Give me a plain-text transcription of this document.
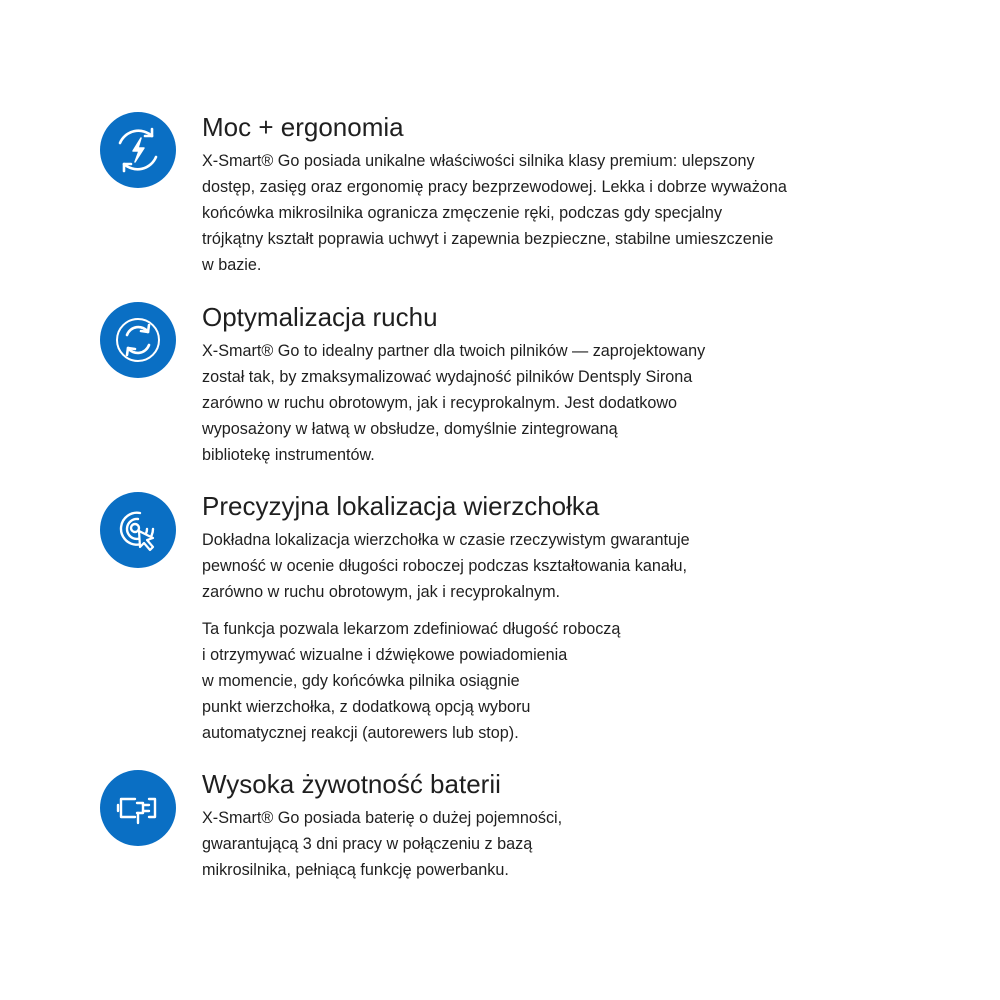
Moc + ergonomia

X-Smart® Go posiada unikalne właściwości silnika klasy premium: ulepszony
dostęp, zasięg oraz ergonomię pracy bezprzewodowej. Lekka i dobrze wyważona
końcówka mikrosilnika ogranicza zmęczenie ręki, podczas gdy specjalny
trójkątny kształt poprawia uchwyt i zapewnia bezpieczne, stabilne umieszczenie
w bazie.

Optymalizacja ruchu

X-Smart® Go to idealny partner dla twoich pilników — zaprojektowany
został tak, by zmaksymalizować wydajność pilników Dentsply Sirona
zarówno w ruchu obrotowym, jak i recyprokalnym. Jest dodatkowo
wyposażony w łatwą w obsłudze, domyślnie zintegrowaną
bibliotekę instrumentów.

Precyzyjna lokalizacja wierzchołka

Dokładna lokalizacja wierzchołka w czasie rzeczywistym gwarantuje
pewność w ocenie długości roboczej podczas kształtowania kanału,
zarówno w ruchu obrotowym, jak i recyprokalnym.

Ta funkcja pozwala lekarzom zdefiniować długość roboczą
i otrzymywać wizualne i dźwiękowe powiadomienia
w momencie, gdy końcówka pilnika osiągnie
punkt wierzchołka, z dodatkową opcją wyboru
automatycznej reakcji (autorewers lub stop).

Wysoka żywotność baterii

X-Smart® Go posiada baterię o dużej pojemności,
gwarantującą 3 dni pracy w połączeniu z bazą
mikrosilnika, pełniącą funkcję powerbanku.
